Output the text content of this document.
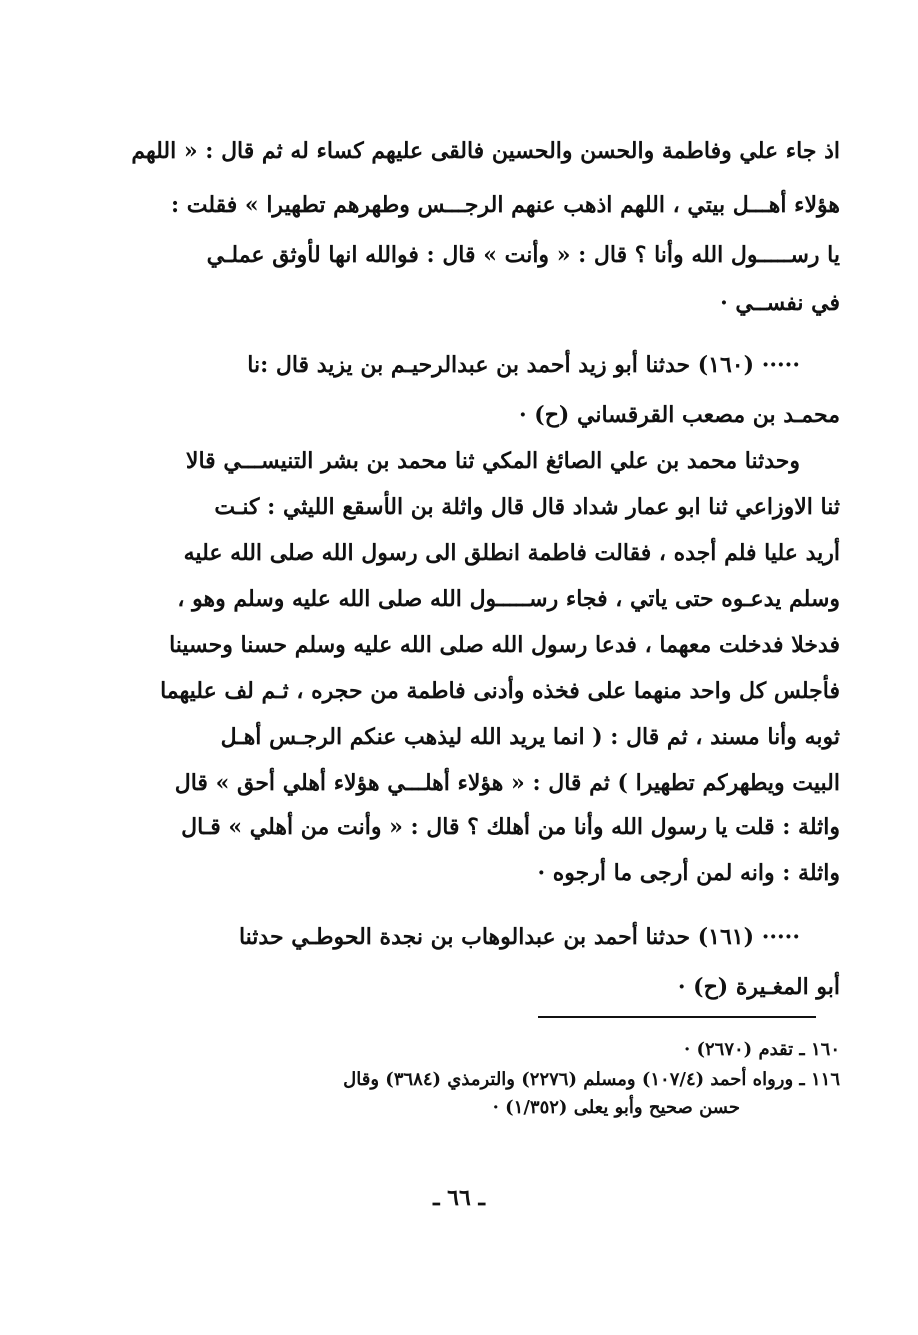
اذ جاء علي وفاطمة والحسن والحسين فالقى عليهم كساء له ثم قال : « اللهم
هؤلاء أهـــل بيتي ، اللهم اذهب عنهم الرجـــس وطهرهم تطهيرا » فقلت :
يا رســـــول الله وأنا ؟ قال : « وأنت » قال : فوالله انها لأوثق عملـي
في نفســي ·
····· (١٦٠) حدثنا أبو زيد أحمد بن عبدالرحيـم بن يزيد قال :نا
محمـد بن مصعب القرقساني (ح) ·
وحدثنا محمد بن علي الصائغ المكي ثنا محمد بن بشر التنيســـي قالا
ثنا الاوزاعي ثنا ابو عمار شداد قال قال واثلة بن الأسقع الليثي : كنـت
أريد عليا فلم أجده ، فقالت فاطمة انطلق الى رسول الله صلى الله عليه
وسلم يدعـوه حتى ياتي ، فجاء رســـــول الله صلى الله عليه وسلم وهو ،
فدخلا فدخلت معهما ، فدعا رسول الله صلى الله عليه وسلم حسنا وحسينا
فأجلس كل واحد منهما على فخذه وأدنى فاطمة من حجره ، ثـم لف عليهما
ثوبه وأنا مسند ، ثم قال : ( انما يريد الله ليذهب عنكم الرجـس أهـل
البيت ويطهركم تطهيرا ) ثم قال : « هؤلاء أهلـــي هؤلاء أهلي أحق » قال
واثلة : قلت يا رسول الله وأنا من أهلك ؟ قال : « وأنت من أهلي » قـال
واثلة : وانه لمن أرجى ما أرجوه ·
····· (١٦١) حدثنا أحمد بن عبدالوهاب بن نجدة الحوطـي حدثنا
أبو المغـيرة (ح) ·
١٦٠ ـ تقدم (٢٦٧٠) ·
١١٦ ـ ورواه أحمد (١٠٧/٤) ومسلم (٢٢٧٦) والترمذي (٣٦٨٤) وقال
حسن صحيح وأبو يعلى (١/٣٥٢) ·
ـ ٦٦ ـ
